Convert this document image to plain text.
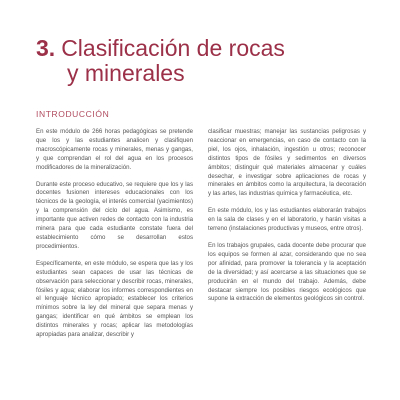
3. Clasificación de rocas
y minerales
INTRODUCCIÓN

En este módulo de 266 horas pedagógicas se pretende que los y las estudiantes analicen y clasifiquen macroscópicamente rocas y minerales, menas y gangas, y que comprendan el rol del agua en los procesos modificadores de la mineralización.

Durante este proceso educativo, se requiere que los y las docentes fusionen intereses educacionales con los técnicos de la geología, el interés comercial (yacimientos) y la comprensión del ciclo del agua. Asimismo, es importante que activen redes de contacto con la industria minera para que cada estudiante constate fuera del establecimiento cómo se desarrollan estos procedimientos.

Específicamente, en este módulo, se espera que las y los estudiantes sean capaces de usar las técnicas de observación para seleccionar y describir rocas, minerales, fósiles y agua; elaborar los informes correspondientes en el lenguaje técnico apropiado; establecer los criterios mínimos sobre la ley del mineral que separa menas y gangas; identificar en qué ámbitos se emplean los distintos minerales y rocas; aplicar las metodologías apropiadas para analizar, describir y

clasificar muestras; manejar las sustancias peligrosas y reaccionar en emergencias, en caso de contacto con la piel, los ojos, inhalación, ingestión u otros; reconocer distintos tipos de fósiles y sedimentos en diversos ámbitos; distinguir qué materiales almacenar y cuáles desechar, e investigar sobre aplicaciones de rocas y minerales en ámbitos como la arquitectura, la decoración y las artes, las industrias química y farmacéutica, etc.

En este módulo, los y las estudiantes elaborarán trabajos en la sala de clases y en el laboratorio, y harán visitas a terreno (instalaciones productivas y museos, entre otros).

En los trabajos grupales, cada docente debe procurar que los equipos se formen al azar, considerando que no sea por afinidad, para promover la tolerancia y la aceptación de la diversidad; y así acercarse a las situaciones que se producirán en el mundo del trabajo. Además, debe destacar siempre los posibles riesgos ecológicos que supone la extracción de elementos geológicos sin control.
